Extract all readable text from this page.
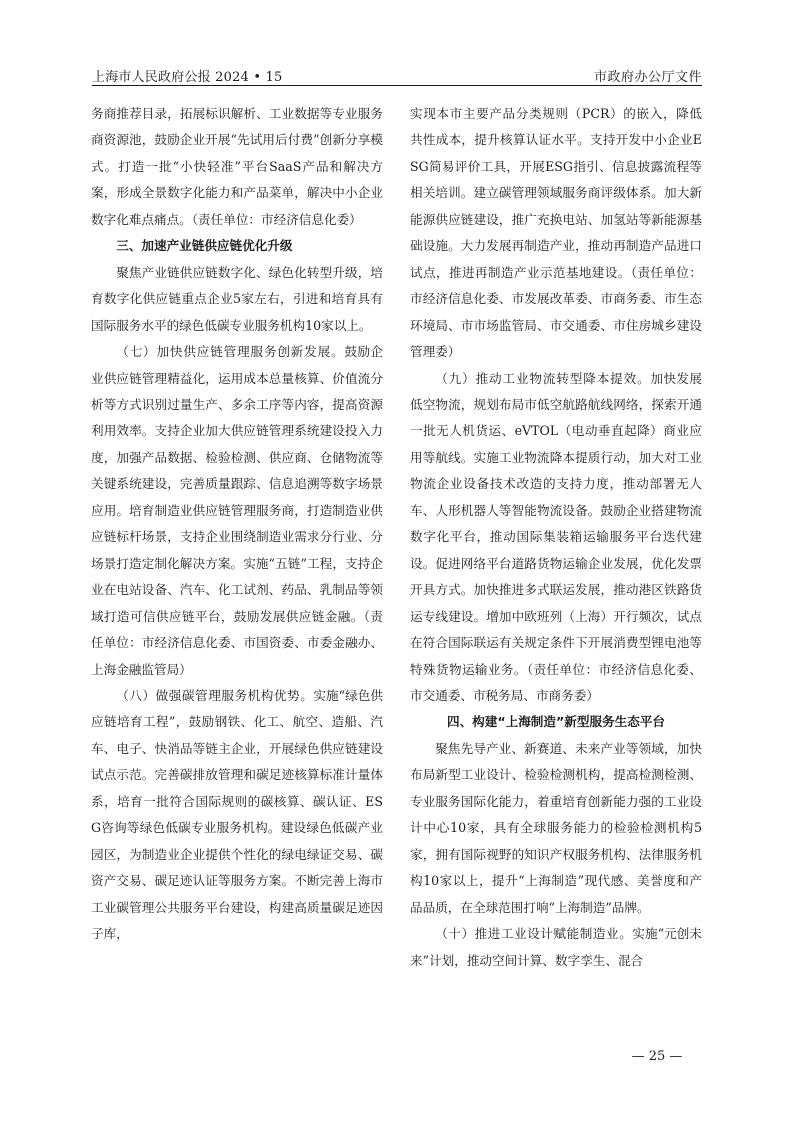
上海市人民政府公报 2024 • 15	市政府办公厅文件

务商推荐目录，拓展标识解析、工业数据等专业服务商资源池，鼓励企业开展“先试用后付费”创新分享模式。打造一批“小快轻准”平台SaaS产品和解决方案，形成全景数字化能力和产品菜单，解决中小企业数字化难点痛点。（责任单位：市经济信息化委）

三、加速产业链供应链优化升级

聚焦产业链供应链数字化、绿色化转型升级，培育数字化供应链重点企业5家左右，引进和培育具有国际服务水平的绿色低碳专业服务机构10家以上。

（七）加快供应链管理服务创新发展。鼓励企业供应链管理精益化，运用成本总量核算、价值流分析等方式识别过量生产、多余工序等内容，提高资源利用效率。支持企业加大供应链管理系统建设投入力度，加强产品数据、检验检测、供应商、仓储物流等关键系统建设，完善质量跟踪、信息追溯等数字场景应用。培育制造业供应链管理服务商，打造制造业供应链标杆场景，支持企业围绕制造业需求分行业、分场景打造定制化解决方案。实施“五链”工程，支持企业在电站设备、汽车、化工试剂、药品、乳制品等领域打造可信供应链平台，鼓励发展供应链金融。（责任单位：市经济信息化委、市国资委、市委金融办、上海金融监管局）

（八）做强碳管理服务机构优势。实施“绿色供应链培育工程”，鼓励钢铁、化工、航空、造船、汽车、电子、快消品等链主企业，开展绿色供应链建设试点示范。完善碳排放管理和碳足迹核算标准计量体系，培育一批符合国际规则的碳核算、碳认证、ESG咨询等绿色低碳专业服务机构。建设绿色低碳产业园区，为制造业企业提供个性化的绿电绿证交易、碳资产交易、碳足迹认证等服务方案。不断完善上海市工业碳管理公共服务平台建设，构建高质量碳足迹因子库，

实现本市主要产品分类规则（PCR）的嵌入，降低共性成本，提升核算认证水平。支持开发中小企业ESG简易评价工具，开展ESG指引、信息披露流程等相关培训。建立碳管理领域服务商评级体系。加大新能源供应链建设，推广充换电站、加氢站等新能源基础设施。大力发展再制造产业，推动再制造产品进口试点，推进再制造产业示范基地建设。（责任单位：市经济信息化委、市发展改革委、市商务委、市生态环境局、市市场监管局、市交通委、市住房城乡建设管理委）

（九）推动工业物流转型降本提效。加快发展低空物流，规划布局市低空航路航线网络，探索开通一批无人机货运、eVTOL（电动垂直起降）商业应用等航线。实施工业物流降本提质行动，加大对工业物流企业设备技术改造的支持力度，推动部署无人车、人形机器人等智能物流设备。鼓励企业搭建物流数字化平台，推动国际集装箱运输服务平台迭代建设。促进网络平台道路货物运输企业发展，优化发票开具方式。加快推进多式联运发展，推动港区铁路货运专线建设。增加中欧班列（上海）开行频次，试点在符合国际联运有关规定条件下开展消费型锂电池等特殊货物运输业务。（责任单位：市经济信息化委、市交通委、市税务局、市商务委）

四、构建“上海制造”新型服务生态平台

聚焦先导产业、新赛道、未来产业等领域，加快布局新型工业设计、检验检测机构，提高检测检测、专业服务国际化能力，着重培育创新能力强的工业设计中心10家，具有全球服务能力的检验检测机构5家，拥有国际视野的知识产权服务机构、法律服务机构10家以上，提升“上海制造”现代感、美誉度和产品品质，在全球范围打响“上海制造”品牌。

（十）推进工业设计赋能制造业。实施“元创未来”计划，推动空间计算、数字孪生、混合

— 25 —
